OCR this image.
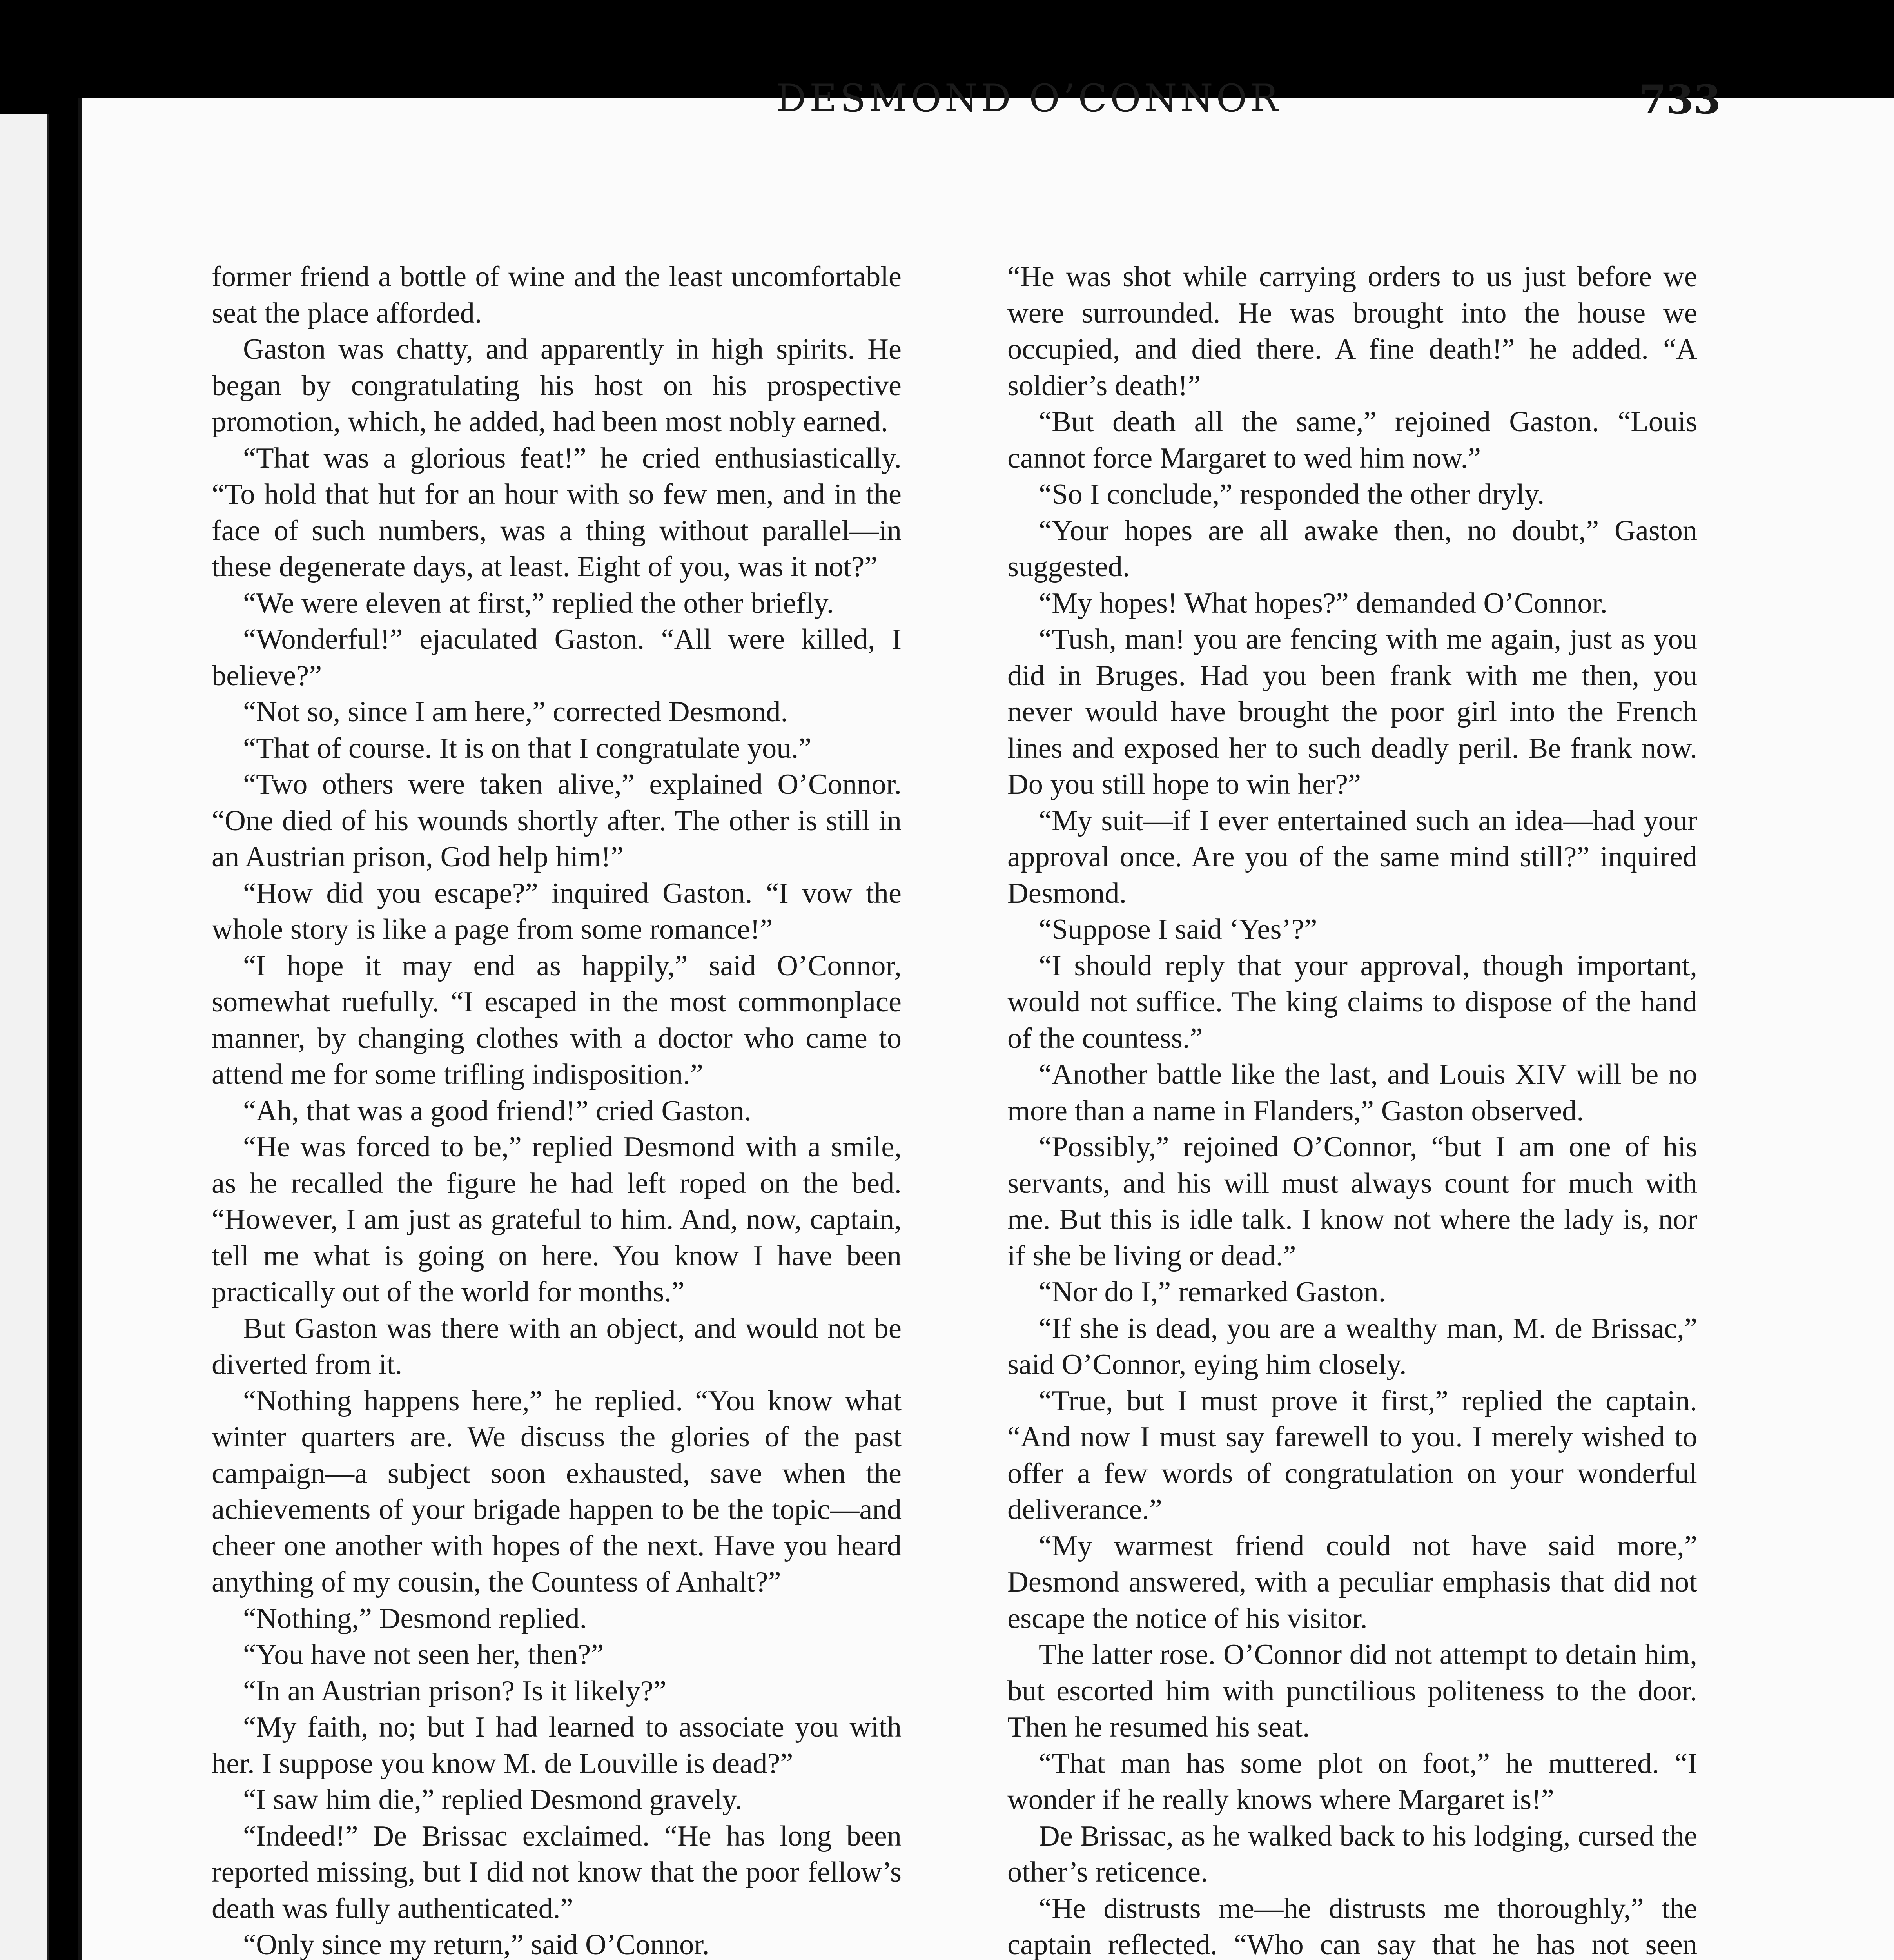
DESMOND O’CONNOR	733

former friend a bottle of wine and the least uncomfortable seat the place afforded.

Gaston was chatty, and apparently in high spirits. He began by congratulating his host on his prospective promotion, which, he added, had been most nobly earned.

“That was a glorious feat!” he cried enthusiastically. “To hold that hut for an hour with so few men, and in the face of such numbers, was a thing without parallel—in these degenerate days, at least. Eight of you, was it not?”

“We were eleven at first,” replied the other briefly.

“Wonderful!” ejaculated Gaston. “All were killed, I believe?”

“Not so, since I am here,” corrected Desmond.

“That of course. It is on that I congratulate you.”

“Two others were taken alive,” explained O’Connor. “One died of his wounds shortly after. The other is still in an Austrian prison, God help him!”

“How did you escape?” inquired Gaston. “I vow the whole story is like a page from some romance!”

“I hope it may end as happily,” said O’Connor, somewhat ruefully. “I escaped in the most commonplace manner, by changing clothes with a doctor who came to attend me for some trifling indisposition.”

“Ah, that was a good friend!” cried Gaston.

“He was forced to be,” replied Desmond with a smile, as he recalled the figure he had left roped on the bed. “However, I am just as grateful to him. And, now, captain, tell me what is going on here. You know I have been practically out of the world for months.”

But Gaston was there with an object, and would not be diverted from it.

“Nothing happens here,” he replied. “You know what winter quarters are. We discuss the glories of the past campaign—a subject soon exhausted, save when the achievements of your brigade happen to be the topic—and cheer one another with hopes of the next. Have you heard anything of my cousin, the Countess of Anhalt?”

“Nothing,” Desmond replied.

“You have not seen her, then?”

“In an Austrian prison? Is it likely?”

“My faith, no; but I had learned to associate you with her. I suppose you know M. de Louville is dead?”

“I saw him die,” replied Desmond gravely.

“Indeed!” De Brissac exclaimed. “He has long been reported missing, but I did not know that the poor fellow’s death was fully authenticated.”

“Only since my return,” said O’Connor.

“He was shot while carrying orders to us just before we were surrounded. He was brought into the house we occupied, and died there. A fine death!” he added. “A soldier’s death!”

“But death all the same,” rejoined Gaston. “Louis cannot force Margaret to wed him now.”

“So I conclude,” responded the other dryly.

“Your hopes are all awake then, no doubt,” Gaston suggested.

“My hopes! What hopes?” demanded O’Connor.

“Tush, man! you are fencing with me again, just as you did in Bruges. Had you been frank with me then, you never would have brought the poor girl into the French lines and exposed her to such deadly peril. Be frank now. Do you still hope to win her?”

“My suit—if I ever entertained such an idea—had your approval once. Are you of the same mind still?” inquired Desmond.

“Suppose I said ‘Yes’?”

“I should reply that your approval, though important, would not suffice. The king claims to dispose of the hand of the countess.”

“Another battle like the last, and Louis XIV will be no more than a name in Flanders,” Gaston observed.

“Possibly,” rejoined O’Connor, “but I am one of his servants, and his will must always count for much with me. But this is idle talk. I know not where the lady is, nor if she be living or dead.”

“Nor do I,” remarked Gaston.

“If she is dead, you are a wealthy man, M. de Brissac,” said O’Connor, eying him closely.

“True, but I must prove it first,” replied the captain. “And now I must say farewell to you. I merely wished to offer a few words of congratulation on your wonderful deliverance.”

“My warmest friend could not have said more,” Desmond answered, with a peculiar emphasis that did not escape the notice of his visitor.

The latter rose. O’Connor did not attempt to detain him, but escorted him with punctilious politeness to the door. Then he resumed his seat.

“That man has some plot on foot,” he muttered. “I wonder if he really knows where Margaret is!”

De Brissac, as he walked back to his lodging, cursed the other’s reticence.

“He distrusts me—he distrusts me thoroughly,” the captain reflected. “Who can say that he has not seen
